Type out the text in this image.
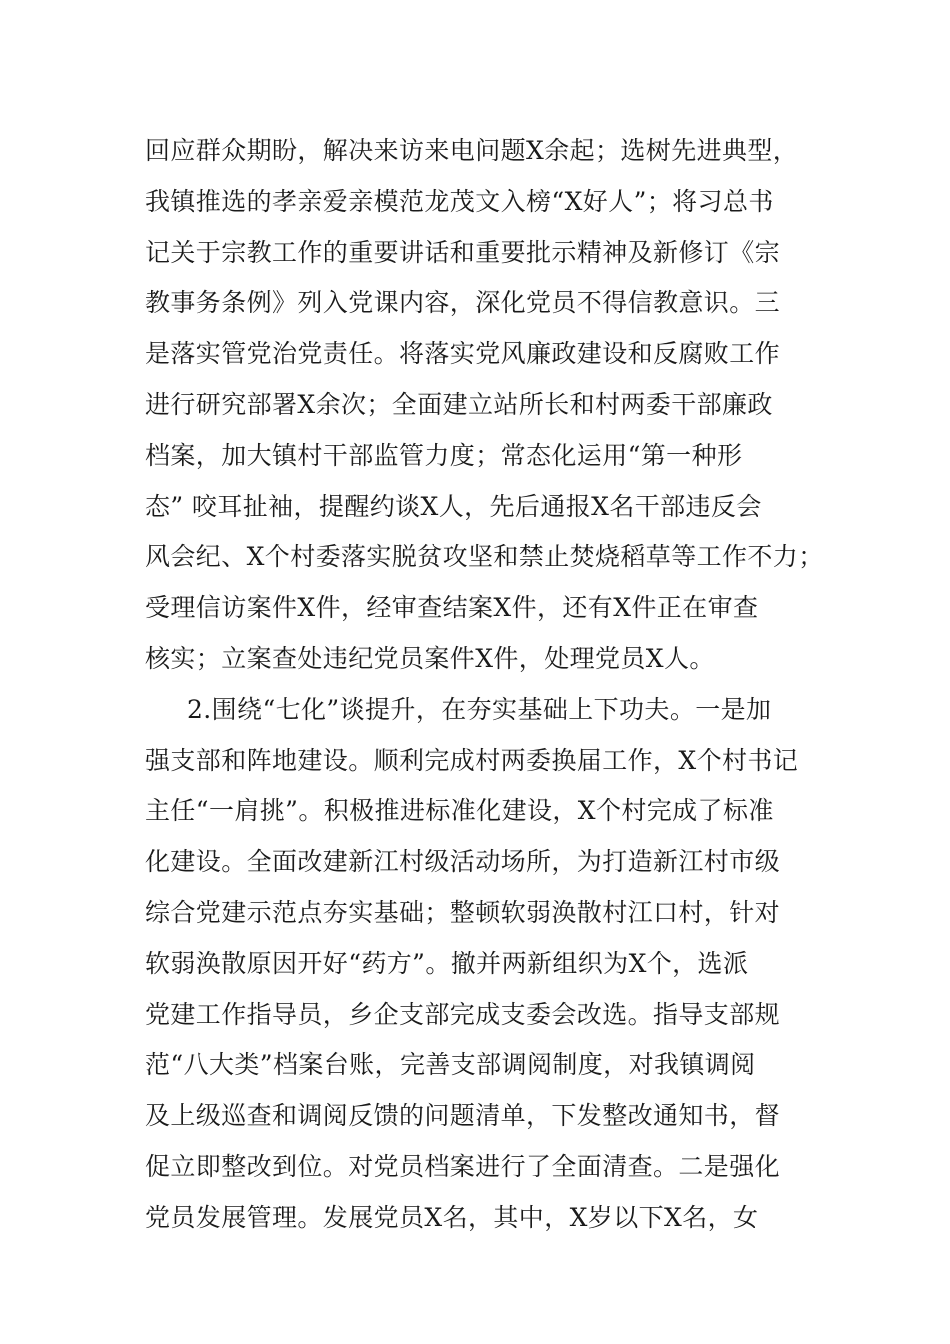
回应群众期盼，解决来访来电问题X余起；选树先进典型，
我镇推选的孝亲爱亲模范龙茂文入榜“X好人”；将习总书
记关于宗教工作的重要讲话和重要批示精神及新修订《宗
教事务条例》列入党课内容，深化党员不得信教意识。三
是落实管党治党责任。将落实党风廉政建设和反腐败工作
进行研究部署X余次；全面建立站所长和村两委干部廉政
档案，加大镇村干部监管力度；常态化运用“第一种形
态” 咬耳扯袖，提醒约谈X人，先后通报X名干部违反会
风会纪、X个村委落实脱贫攻坚和禁止焚烧稻草等工作不力；
受理信访案件X件，经审查结案X件，还有X件正在审查
核实；立案查处违纪党员案件X件，处理党员X人。
2.围绕“七化”谈提升，在夯实基础上下功夫。一是加
强支部和阵地建设。顺利完成村两委换届工作，X个村书记
主任“一肩挑”。积极推进标准化建设，X个村完成了标准
化建设。全面改建新江村级活动场所，为打造新江村市级
综合党建示范点夯实基础；整顿软弱涣散村江口村，针对
软弱涣散原因开好“药方”。撤并两新组织为X个，选派
党建工作指导员，乡企支部完成支委会改选。指导支部规
范“八大类”档案台账，完善支部调阅制度，对我镇调阅
及上级巡查和调阅反馈的问题清单，下发整改通知书，督
促立即整改到位。对党员档案进行了全面清查。二是强化
党员发展管理。发展党员X名，其中，X岁以下X名，女
